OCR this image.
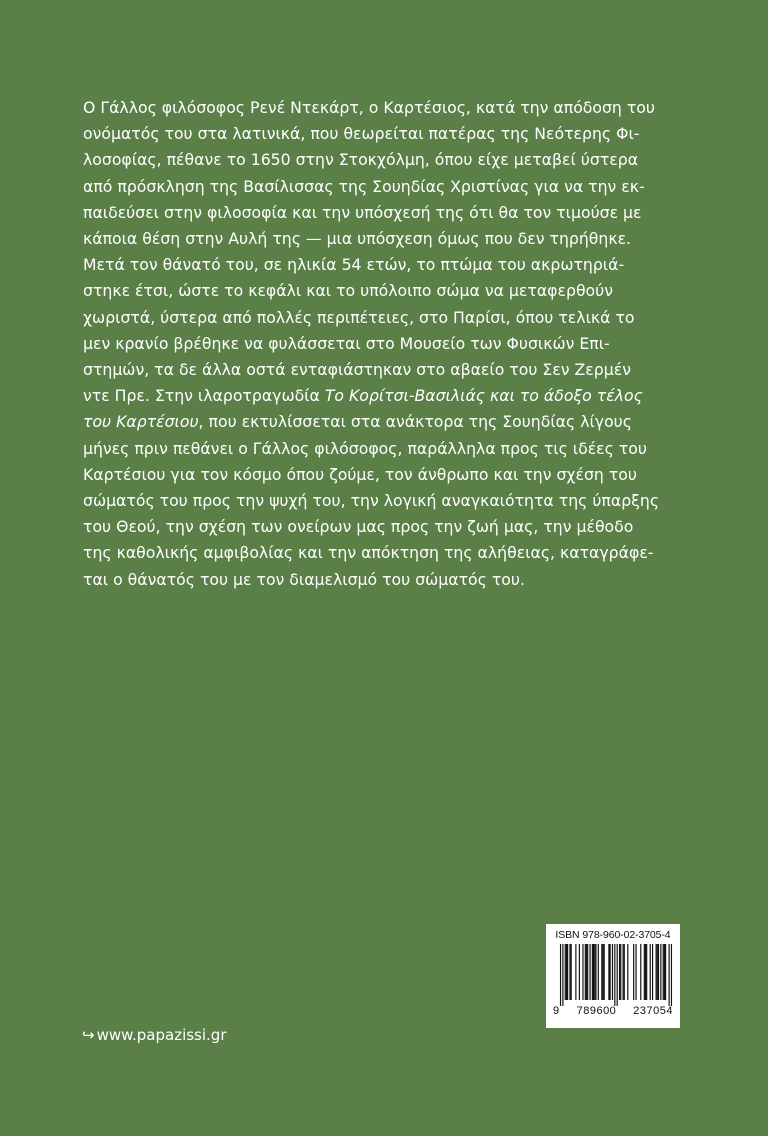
Ο Γάλλος φιλόσοφος Ρενέ Ντεκάρτ, ο Καρτέσιος, κατά την απόδοση του
ονόματός του στα λατινικά, που θεωρείται πατέρας της Νεότερης Φι-
λοσοφίας, πέθανε το 1650 στην Στοκχόλμη, όπου είχε μεταβεί ύστερα
από πρόσκληση της Βασίλισσας της Σουηδίας Χριστίνας για να την εκ-
παιδεύσει στην φιλοσοφία και την υπόσχεσή της ότι θα τον τιμούσε με
κάποια θέση στην Αυλή της — μια υπόσχεση όμως που δεν τηρήθηκε.
Μετά τον θάνατό του, σε ηλικία 54 ετών, το πτώμα του ακρωτηριά-
στηκε έτσι, ώστε το κεφάλι και το υπόλοιπο σώμα να μεταφερθούν
χωριστά, ύστερα από πολλές περιπέτειες, στο Παρίσι, όπου τελικά το
μεν κρανίο βρέθηκε να φυλάσσεται στο Μουσείο των Φυσικών Επι-
στημών, τα δε άλλα οστά ενταφιάστηκαν στο αβαείο του Σεν Ζερμέν
ντε Πρε. Στην ιλαροτραγωδία Το Κορίτσι-Βασιλιάς και το άδοξο τέλος
του Καρτέσιου, που εκτυλίσσεται στα ανάκτορα της Σουηδίας λίγους
μήνες πριν πεθάνει ο Γάλλος φιλόσοφος, παράλληλα προς τις ιδέες του
Καρτέσιου για τον κόσμο όπου ζούμε, τον άνθρωπο και την σχέση του
σώματός του προς την ψυχή του, την λογική αναγκαιότητα της ύπαρξης
του Θεού, την σχέση των ονείρων μας προς την ζωή μας, την μέθοδο
της καθολικής αμφιβολίας και την απόκτηση της αλήθειας, καταγράφε-
ται ο θάνατός του με τον διαμελισμό του σώματός του.
ISBN 978-960-02-3705-4
9 789600 237054
↪ www.papazissi.gr
